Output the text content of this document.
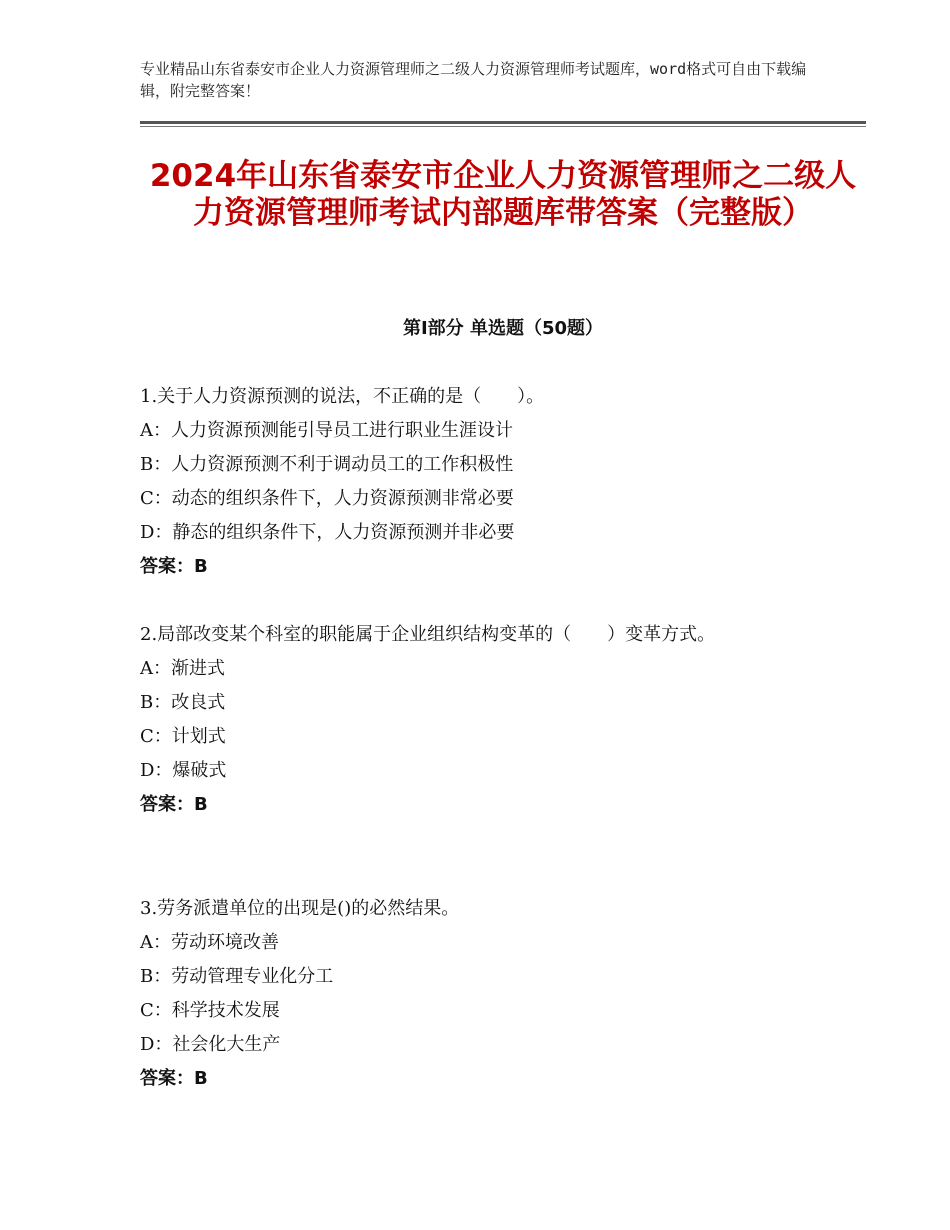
专业精品山东省泰安市企业人力资源管理师之二级人力资源管理师考试题库，word格式可自由下载编辑，附完整答案！
2024年山东省泰安市企业人力资源管理师之二级人力资源管理师考试内部题库带答案（完整版）
第Ⅰ部分 单选题（50题）
1.关于人力资源预测的说法，不正确的是（　　）。
A：人力资源预测能引导员工进行职业生涯设计
B：人力资源预测不利于调动员工的工作积极性
C：动态的组织条件下，人力资源预测非常必要
D：静态的组织条件下，人力资源预测并非必要
答案：B
2.局部改变某个科室的职能属于企业组织结构变革的（　　）变革方式。
A：渐进式
B：改良式
C：计划式
D：爆破式
答案：B
3.劳务派遣单位的出现是()的必然结果。
A：劳动环境改善
B：劳动管理专业化分工
C：科学技术发展
D：社会化大生产
答案：B
